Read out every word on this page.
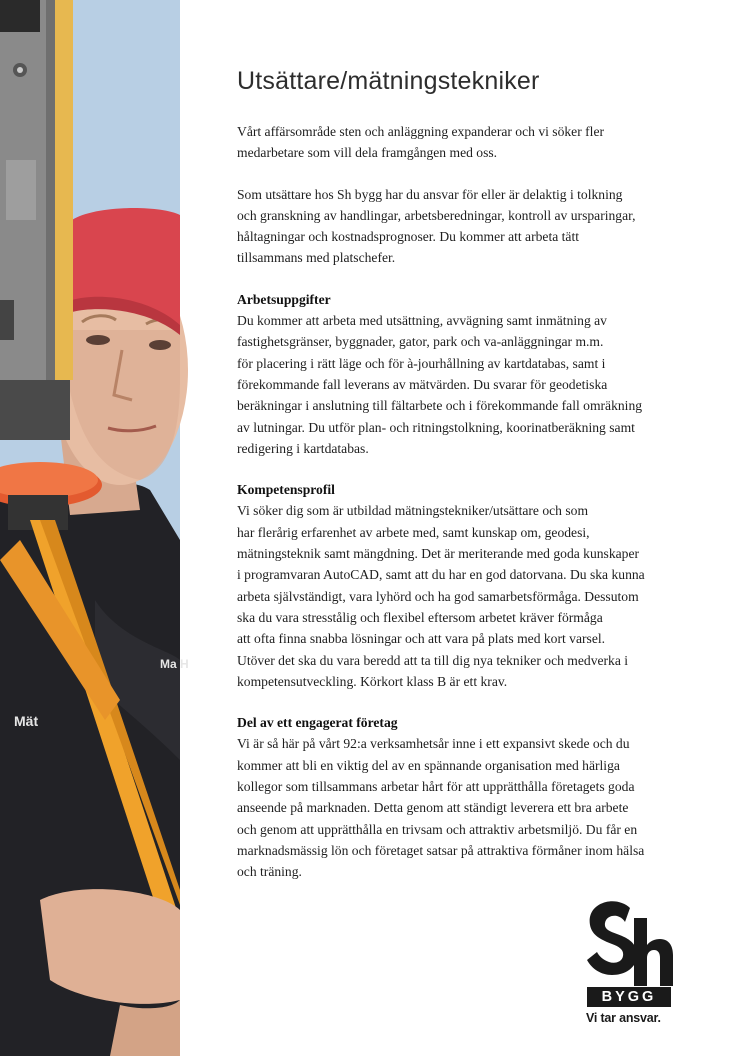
Mät
Ma H
Utsättare/mätningstekniker

Vårt affärsområde sten och anläggning expanderar och vi söker fler
medarbetare som vill dela framgången med oss.

Som utsättare hos Sh bygg har du ansvar för eller är delaktig i tolkning
och granskning av handlingar, arbetsberedningar, kontroll av ursparingar,
håltagningar och kostnadsprognoser. Du kommer att arbeta tätt
tillsammans med platschefer.

Arbetsuppgifter
Du kommer att arbeta med utsättning, avvägning samt inmätning av
fastighetsgränser, byggnader, gator, park och va-anläggningar m.m.
för placering i rätt läge och för à-jourhållning av kartdatabas, samt i
förekommande fall leverans av mätvärden. Du svarar för geodetiska
beräkningar i anslutning till fältarbete och i förekommande fall omräkning
av lutningar. Du utför plan- och ritningstolkning, koorinatberäkning samt
redigering i kartdatabas.
Kompetensprofil
Vi söker dig som är utbildad mätningstekniker/utsättare och som
har flerårig erfarenhet av arbete med, samt kunskap om, geodesi,
mätningsteknik samt mängdning. Det är meriterande med goda kunskaper
i programvaran AutoCAD, samt att du har en god datorvana. Du ska kunna
arbeta självständigt, vara lyhörd och ha god samarbetsförmåga. Dessutom
ska du vara stresstålig och flexibel eftersom arbetet kräver förmåga
att ofta finna snabba lösningar och att vara på plats med kort varsel.
Utöver det ska du vara beredd att ta till dig nya tekniker och medverka i
kompetensutveckling. Körkort klass B är ett krav.
Del av ett engagerat företag
Vi är så här på vårt 92:a verksamhetsår inne i ett expansivt skede och du
kommer att bli en viktig del av en spännande organisation med härliga
kollegor som tillsammans arbetar hårt för att upprätthålla företagets goda
anseende på marknaden. Detta genom att ständigt leverera ett bra arbete
och genom att upprätthålla en trivsam och attraktiv arbetsmiljö. Du får en
marknadsmässig lön och företaget satsar på attraktiva förmåner inom hälsa
och träning.
BYGG
Vi tar ansvar.
